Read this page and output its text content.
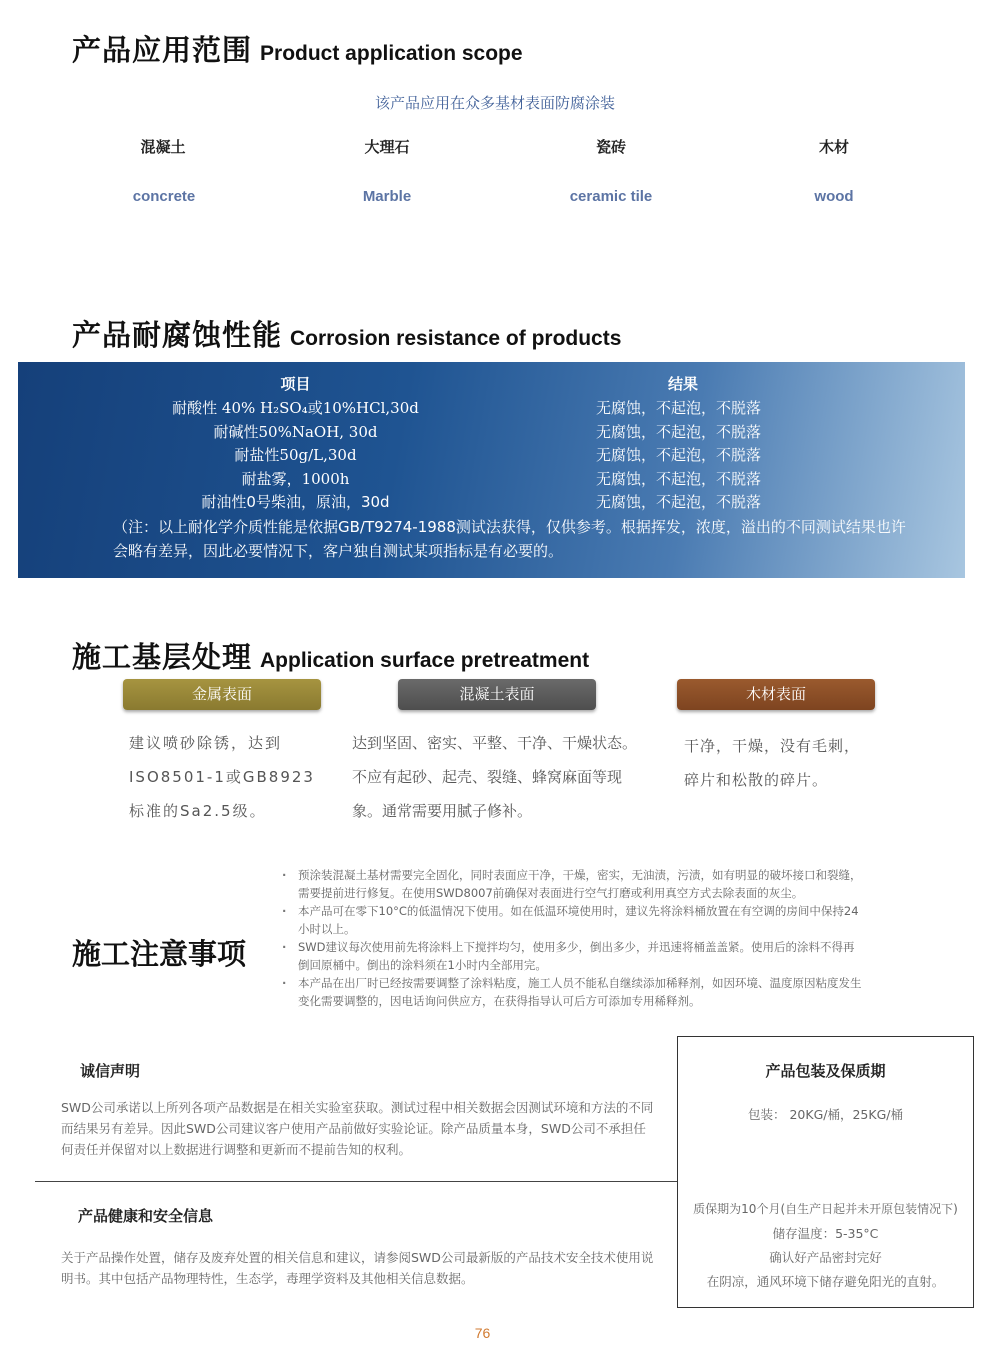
产品应用范围 Product application scope
该产品应用在众多基材表面防腐涂装
混凝土	大理石	瓷砖	木材
concrete	Marble	ceramic tile	wood
产品耐腐蚀性能 Corrosion resistance of products
项目	结果
耐酸性 40% H₂SO₄或10%HCl,30d	无腐蚀，不起泡，不脱落
耐碱性50%NaOH, 30d	无腐蚀，不起泡，不脱落
耐盐性50g/L,30d	无腐蚀，不起泡，不脱落
耐盐雾，1000h	无腐蚀，不起泡，不脱落
耐油性0号柴油，原油，30d	无腐蚀，不起泡，不脱落
（注：以上耐化学介质性能是依据GB/T9274-1988测试法获得，仅供参考。根据挥发，浓度，溢出的不同测试结果也许会略有差异，因此必要情况下，客户独自测试某项指标是有必要的。
施工基层处理 Application surface pretreatment
金属表面	混凝土表面	木材表面
建议喷砂除锈，达到ISO8501-1或GB8923标准的Sa2.5级。
达到坚固、密实、平整、干净、干燥状态。不应有起砂、起壳、裂缝、蜂窝麻面等现象。通常需要用腻子修补。
干净，干燥，没有毛刺，碎片和松散的碎片。
施工注意事项
· 预涂装混凝土基材需要完全固化，同时表面应干净，干燥，密实，无油渍，污渍，如有明显的破坏接口和裂缝，需要提前进行修复。在使用SWD8007前确保对表面进行空气打磨或利用真空方式去除表面的灰尘。
· 本产品可在零下10°C的低温情况下使用。如在低温环境使用时，建议先将涂料桶放置在有空调的房间中保持24小时以上。
· SWD建议每次使用前先将涂料上下搅拌均匀，使用多少，倒出多少，并迅速将桶盖盖紧。使用后的涂料不得再倒回原桶中。倒出的涂料须在1小时内全部用完。
· 本产品在出厂时已经按需要调整了涂料粘度，施工人员不能私自继续添加稀释剂，如因环境、温度原因粘度发生变化需要调整的，因电话询问供应方，在获得指导认可后方可添加专用稀释剂。
诚信声明
SWD公司承诺以上所列各项产品数据是在相关实验室获取。测试过程中相关数据会因测试环境和方法的不同而结果另有差异。因此SWD公司建议客户使用产品前做好实验论证。除产品质量本身，SWD公司不承担任何责任并保留对以上数据进行调整和更新而不提前告知的权利。
产品健康和安全信息
关于产品操作处置，储存及废弃处置的相关信息和建议，请参阅SWD公司最新版的产品技术安全技术使用说明书。其中包括产品物理特性，生态学，毒理学资料及其他相关信息数据。
产品包装及保质期
包装： 20KG/桶，25KG/桶
质保期为10个月(自生产日起并未开原包装情况下)
储存温度：5-35°C
确认好产品密封完好
在阴凉，通风环境下储存避免阳光的直射。
76
